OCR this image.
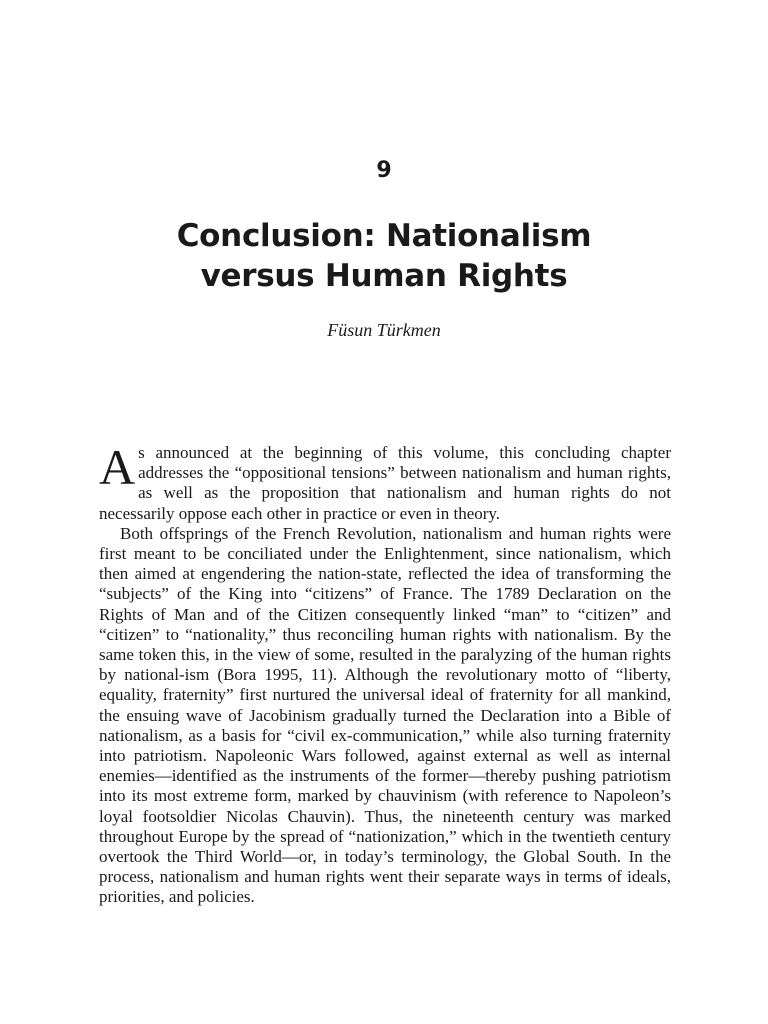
9
Conclusion: Nationalism
versus Human Rights
Füsun Türkmen

As announced at the beginning of this volume, this concluding chapter addresses the “oppositional tensions” between nationalism and human rights, as well as the proposition that nationalism and human rights do not necessarily oppose each other in practice or even in theory.

Both offsprings of the French Revolution, nationalism and human rights were first meant to be conciliated under the Enlightenment, since nationalism, which then aimed at engendering the nation-state, reflected the idea of transforming the “subjects” of the King into “citizens” of France. The 1789 Declaration on the Rights of Man and of the Citizen consequently linked “man” to “citizen” and “citizen” to “nationality,” thus reconciling human rights with nationalism. By the same token this, in the view of some, resulted in the paralyzing of the human rights by national-ism (Bora 1995, 11). Although the revolutionary motto of “liberty, equality, fraternity” first nurtured the universal ideal of fraternity for all mankind, the ensuing wave of Jacobinism gradually turned the Declaration into a Bible of nationalism, as a basis for “civil ex-communication,” while also turning fraternity into patriotism. Napoleonic Wars followed, against external as well as internal enemies—identified as the instruments of the former—thereby pushing patriotism into its most extreme form, marked by chauvinism (with reference to Napoleon’s loyal footsoldier Nicolas Chauvin). Thus, the nineteenth century was marked throughout Europe by the spread of “nationization,” which in the twentieth century overtook the Third World—or, in today’s terminology, the Global South. In the process, nationalism and human rights went their separate ways in terms of ideals, priorities, and policies.
